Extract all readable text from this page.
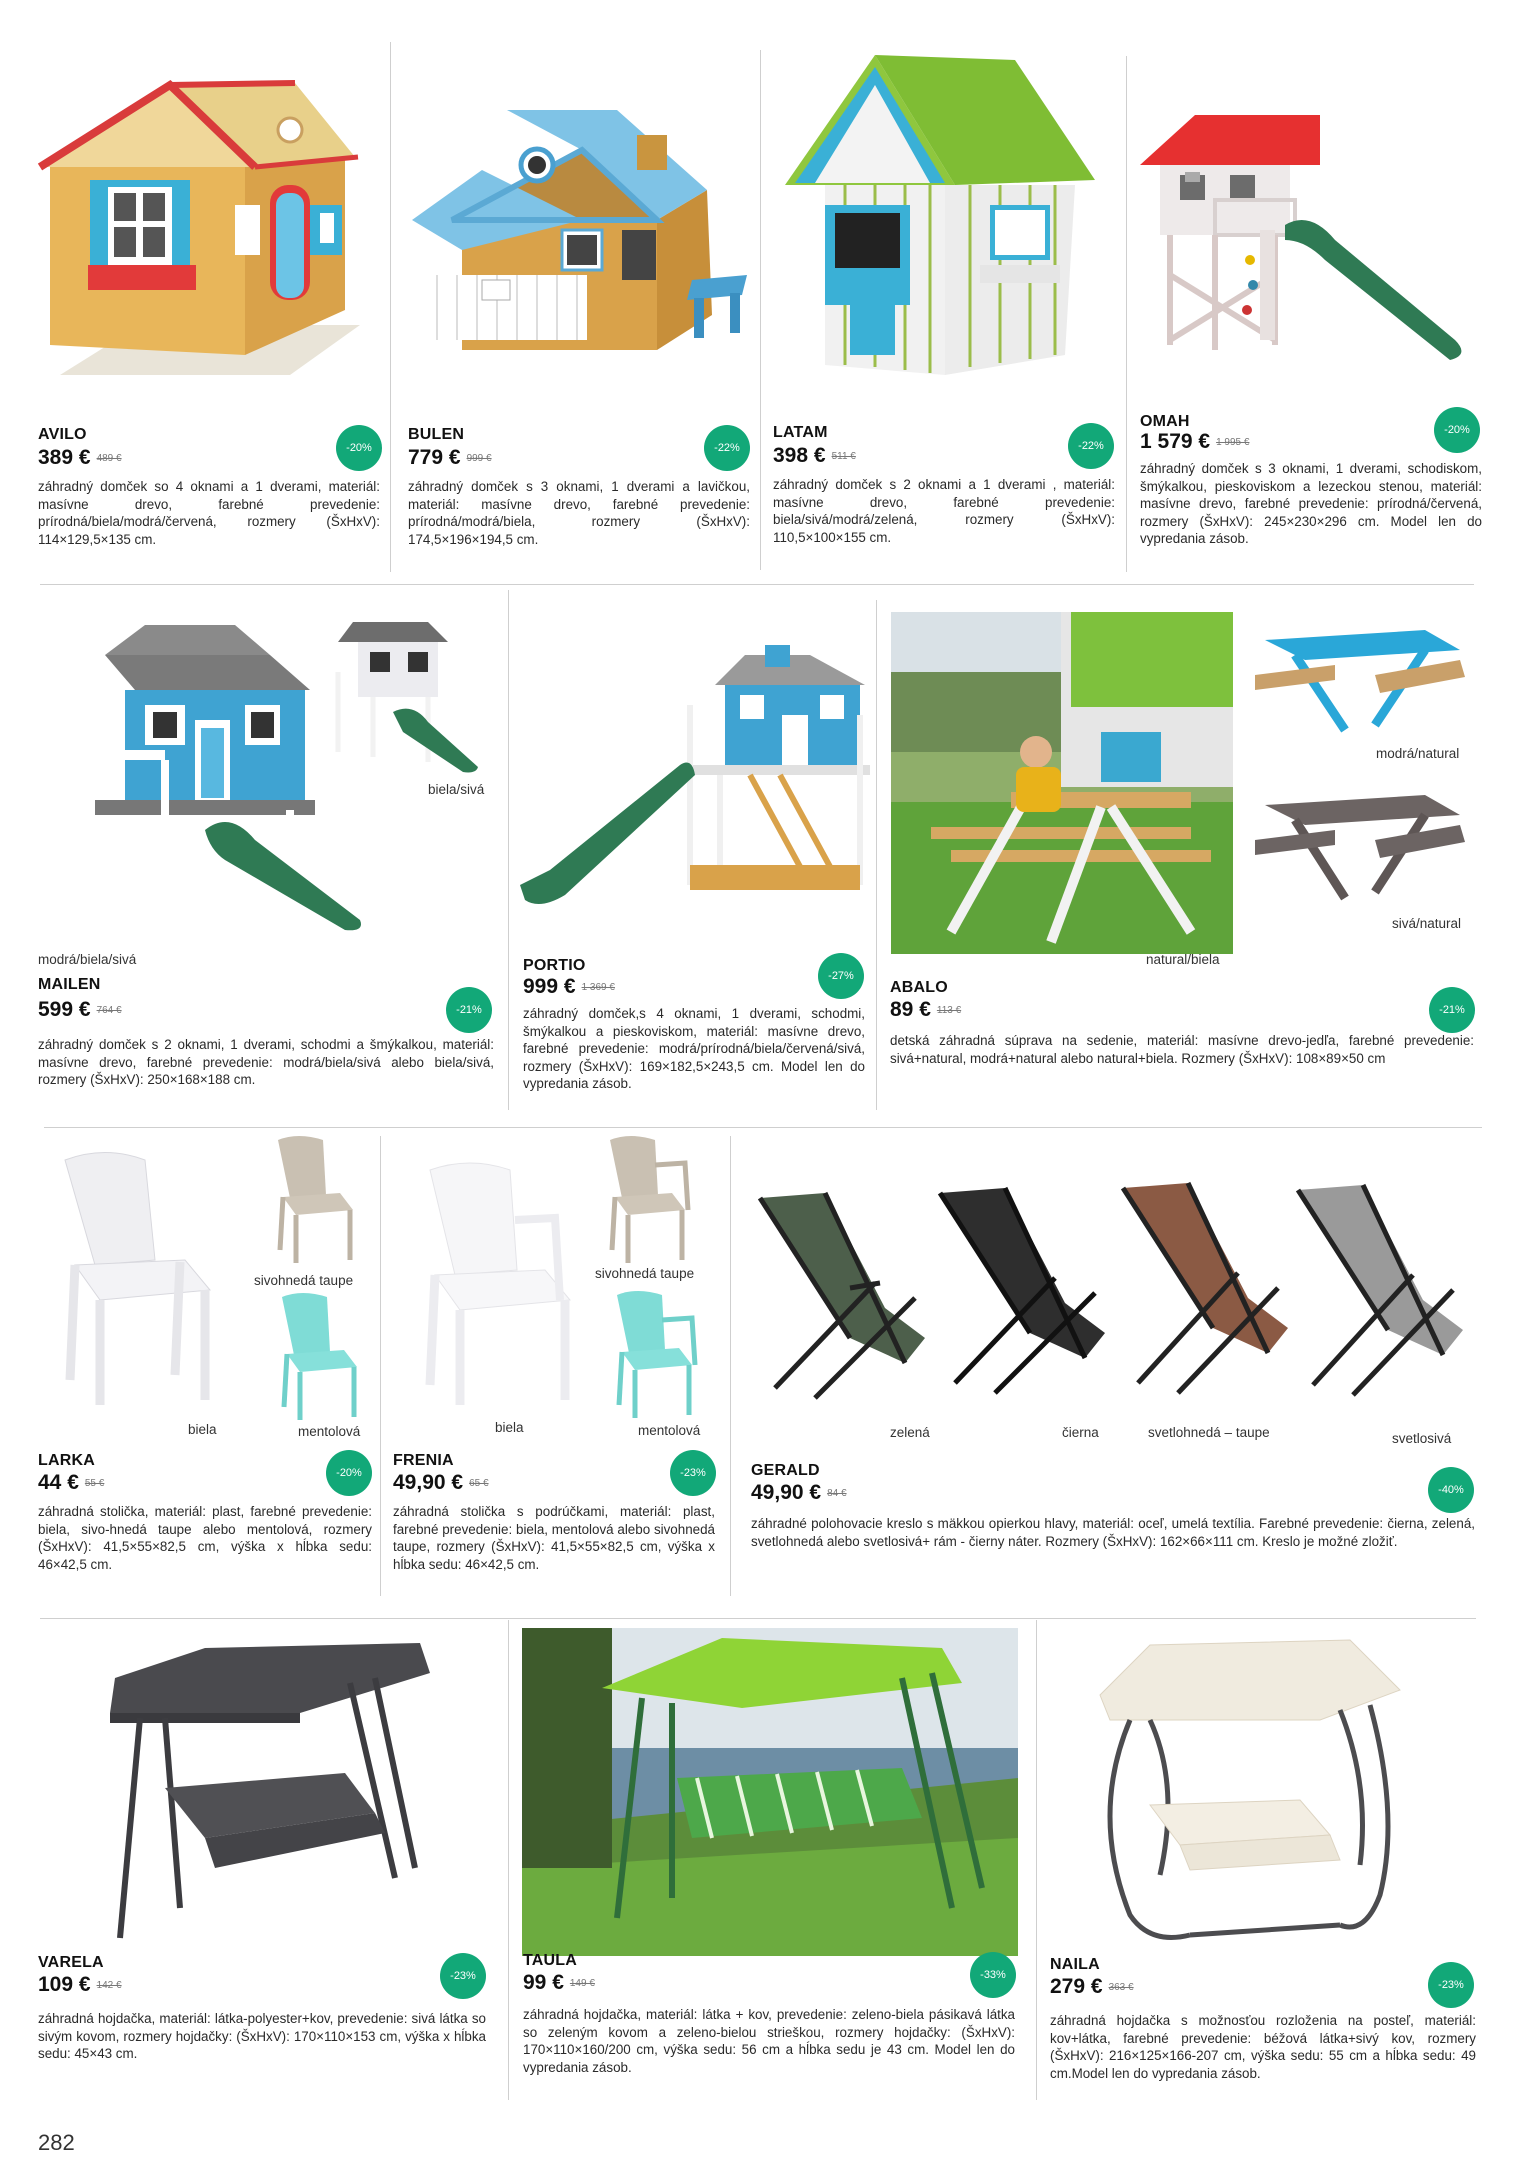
AVILO
389 € 489 €
-20%
záhradný domček so 4 oknami a 1 dverami, materiál: masívne drevo, farebné prevedenie: prírodná/biela/modrá/červená, rozmery (ŠxHxV): 114×129,5×135 cm.
BULEN
779 € 999 €
-22%
záhradný domček s 3 oknami, 1 dverami a lavičkou, materiál: masívne drevo, farebné prevedenie: prírodná/modrá/biela, rozmery (ŠxHxV): 174,5×196×194,5 cm.
LATAM
398 € 511 €
-22%
záhradný domček s 2 oknami a 1 dverami , materiál: masívne drevo, farebné prevedenie: biela/sivá/modrá/zelená, rozmery (ŠxHxV): 110,5×100×155 cm.
OMAH
1 579 € 1 995 €
-20%
záhradný domček s 3 oknami, 1 dverami, schodiskom, šmýkalkou, pieskoviskom a lezeckou stenou, materiál: masívne drevo, farebné prevedenie: prírodná/červená, rozmery (ŠxHxV): 245×230×296 cm. Model len do vypredania zásob.
biela/sivá
modrá/biela/sivá
modrá/natural
sivá/natural
natural/biela
MAILEN
599 € 764 €	-21%
záhradný domček s 2 oknami, 1 dverami, schodmi a šmýkalkou, materiál: masívne drevo, farebné prevedenie: modrá/biela/sivá alebo biela/sivá, rozmery (ŠxHxV): 250×168×188 cm.
PORTIO
999 € 1 369 €
-27%
záhradný domček,s 4 oknami, 1 dverami, schodmi, šmýkalkou a pieskoviskom, materiál: masívne drevo, farebné prevedenie: modrá/prírodná/biela/červená/sivá, rozmery (ŠxHxV): 169×182,5×243,5 cm. Model len do vypredania zásob.
ABALO
89 € 113 €	-21%
detská záhradná súprava na sedenie, materiál: masívne drevo-jedľa, farebné prevedenie: sivá+natural, modrá+natural alebo natural+biela. Rozmery (ŠxHxV): 108×89×50 cm
sivohnedá taupe
biela	mentolová
sivohnedá taupe
biela	mentolová	zelená	čierna	svetlohnedá – taupe	svetlosivá
LARKA
44 € 55 €
-20%
záhradná stolička, materiál: plast, farebné prevedenie: biela, sivo-hnedá taupe alebo mentolová, rozmery (ŠxHxV): 41,5×55×82,5 cm, výška x hĺbka sedu: 46×42,5 cm.
FRENIA
49,90 € 65 €
-23%
záhradná stolička s podrúčkami, materiál: plast, farebné prevedenie: biela, mentolová alebo sivohnedá taupe, rozmery (ŠxHxV): 41,5×55×82,5 cm, výška x hĺbka sedu: 46×42,5 cm.
GERALD
49,90 € 84 €	-40%
záhradné polohovacie kreslo s mäkkou opierkou hlavy, materiál: oceľ, umelá textília. Farebné prevedenie: čierna, zelená, svetlohnedá alebo svetlosivá+ rám - čierny náter. Rozmery (ŠxHxV): 162×66×111 cm. Kreslo je možné zložiť.
VARELA
109 € 142 €
-23%
záhradná hojdačka, materiál: látka-polyester+kov, prevedenie: sivá látka so sivým kovom, rozmery hojdačky: (ŠxHxV): 170×110×153 cm, výška x hĺbka sedu: 45×43 cm.
TAULA
99 € 149 €
-33%
záhradná hojdačka, materiál: látka + kov, prevedenie: zeleno-biela pásikavá látka so zeleným kovom a zeleno-bielou strieškou, rozmery hojdačky: (ŠxHxV): 170×110×160/200 cm, výška sedu: 56 cm a hĺbka sedu je 43 cm. Model len do vypredania zásob.
NAILA
279 € 363 €	-23%
záhradná hojdačka s možnosťou rozloženia na posteľ, materiál: kov+látka, farebné prevedenie: béžová látka+sivý kov, rozmery (ŠxHxV): 216×125×166-207 cm, výška sedu: 55 cm a hĺbka sedu: 49 cm.Model len do vypredania zásob.
282
